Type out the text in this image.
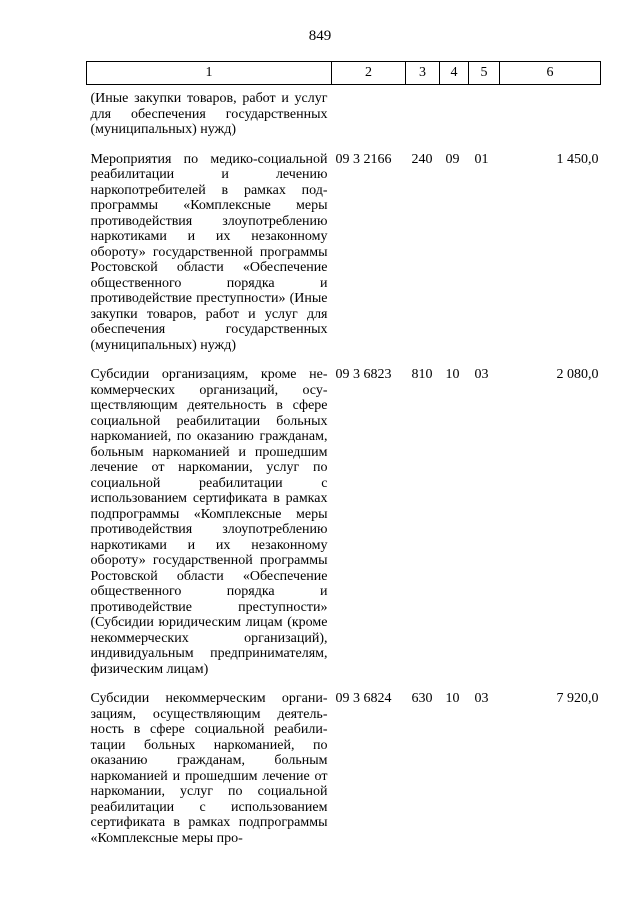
849
1	2	3	4	5	6
(Иные закупки товаров, работ и услуг для обеспечения государственных (муниципальных) нужд)					

Мероприятия по медико-социальной реабилитации и лечению наркопотребителей в рамках подпрограммы «Комплексные меры противодействия злоупотреблению наркотиками и их незаконному обороту» государственной программы Ростовской области «Обеспечение общественного порядка и противодействие преступности» (Иные закупки товаров, работ и услуг для обеспечения государственных (муниципальных) нужд)	09 3 2166	240	09	01	1 450,0

Субсидии организациям, кроме некоммерческих организаций, осуществляющим деятельность в сфере социальной реабилитации больных наркоманией, по оказанию гражданам, больным наркоманией и прошедшим лечение от наркомании, услуг по социальной реабилитации с использованием сертификата в рамках подпрограммы «Комплексные меры противодействия злоупотреблению наркотиками и их незаконному обороту» государственной программы Ростовской области «Обеспечение общественного порядка и противодействие преступности» (Субсидии юридическим лицам (кроме некоммерческих организаций), индивидуальным предпринимателям, физическим лицам)	09 3 6823	810	10	03	2 080,0

Субсидии некоммерческим организациям, осуществляющим деятельность в сфере социальной реабилитации больных наркоманией, по оказанию гражданам, больным наркоманией и прошедшим лечение от наркомании, услуг по социальной реабилитации с использованием сертификата в рамках подпрограммы «Комплексные меры про-	09 3 6824	630	10	03	7 920,0
